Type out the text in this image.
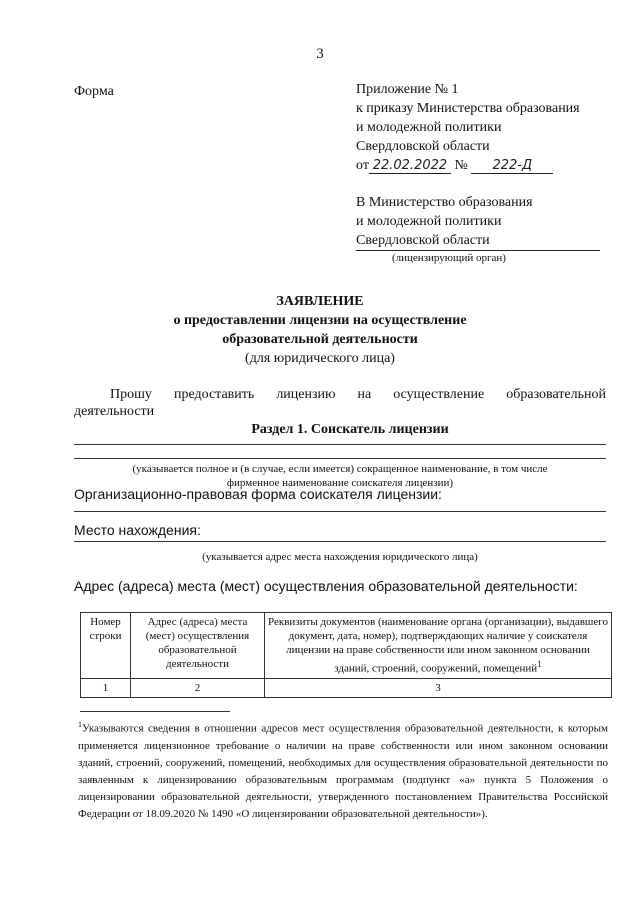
3
Форма	Приложение № 1
к приказу Министерства образования
и молодежной политики
Свердловской области
от 22.02.2022 № 222-Д
В Министерство образования
и молодежной политики
Свердловской области
(лицензирующий орган)
ЗАЯВЛЕНИЕ
о предоставлении лицензии на осуществление
образовательной деятельности
(для юридического лица)
Прошу предоставить лицензию на осуществление образовательной
деятельности
Раздел 1. Соискатель лицензии
(указывается полное и (в случае, если имеется) сокращенное наименование, в том числе
фирменное наименование соискателя лицензии)
Организационно-правовая форма соискателя лицензии:
Место нахождения:
(указывается адрес места нахождения юридического лица)
Адрес (адреса) места (мест) осуществления образовательной деятельности:
Номер строки	Адрес (адреса) места (мест) осуществления образовательной деятельности	Реквизиты документов (наименование органа (организации), выдавшего документ, дата, номер), подтверждающих наличие у соискателя лицензии на праве собственности или ином законном основании зданий, строений, сооружений, помещений$^1$
1	2	3
$^1$Указываются сведения в отношении адресов мест осуществления образовательной деятельности, к которым применяется лицензионное требование о наличии на праве собственности или ином законном основании зданий, строений, сооружений, помещений, необходимых для осуществления образовательной деятельности по заявленным к лицензированию образовательным программам (подпункт «а» пункта 5 Положения о лицензировании образовательной деятельности, утвержденного постановлением Правительства Российской Федерации от 18.09.2020 № 1490 «О лицензировании образовательной деятельности»).
